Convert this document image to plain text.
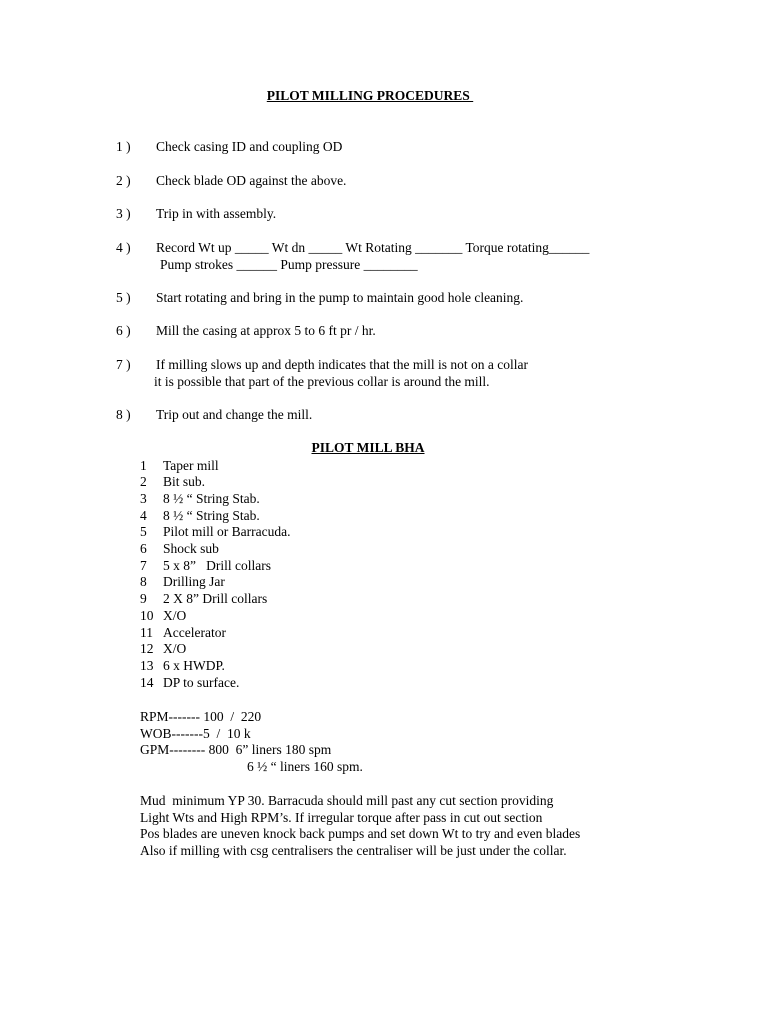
PILOT MILLING PROCEDURES
1 ) Check casing ID and coupling OD
2 ) Check blade OD against the above.
3 ) Trip in with assembly.
4 ) Record Wt up _____ Wt dn _____ Wt Rotating _______ Torque rotating______
Pump strokes ______ Pump pressure ________
5 ) Start rotating and bring in the pump to maintain good hole cleaning.
6 ) Mill the casing at approx 5 to 6 ft pr / hr.
7 ) If milling slows up and depth indicates that the mill is not on a collar
it is possible that part of the previous collar is around the mill.
8 ) Trip out and change the mill.
PILOT MILL BHA
1 Taper mill
2 Bit sub.
3 8 ½ “ String Stab.
4 8 ½ “ String Stab.
5 Pilot mill or Barracuda.
6 Shock sub
7 5 x 8”   Drill collars
8 Drilling Jar
9 2 X 8” Drill collars
10 X/O
11 Accelerator
12 X/O
13 6 x HWDP.
14 DP to surface.
RPM------- 100  /  220
WOB-------5  /  10 k
GPM-------- 800  6” liners 180 spm
6 ½ “ liners 160 spm.
Mud  minimum YP 30. Barracuda should mill past any cut section providing
Light Wts and High RPM’s. If irregular torque after pass in cut out section
Pos blades are uneven knock back pumps and set down Wt to try and even blades
Also if milling with csg centralisers the centraliser will be just under the collar.
